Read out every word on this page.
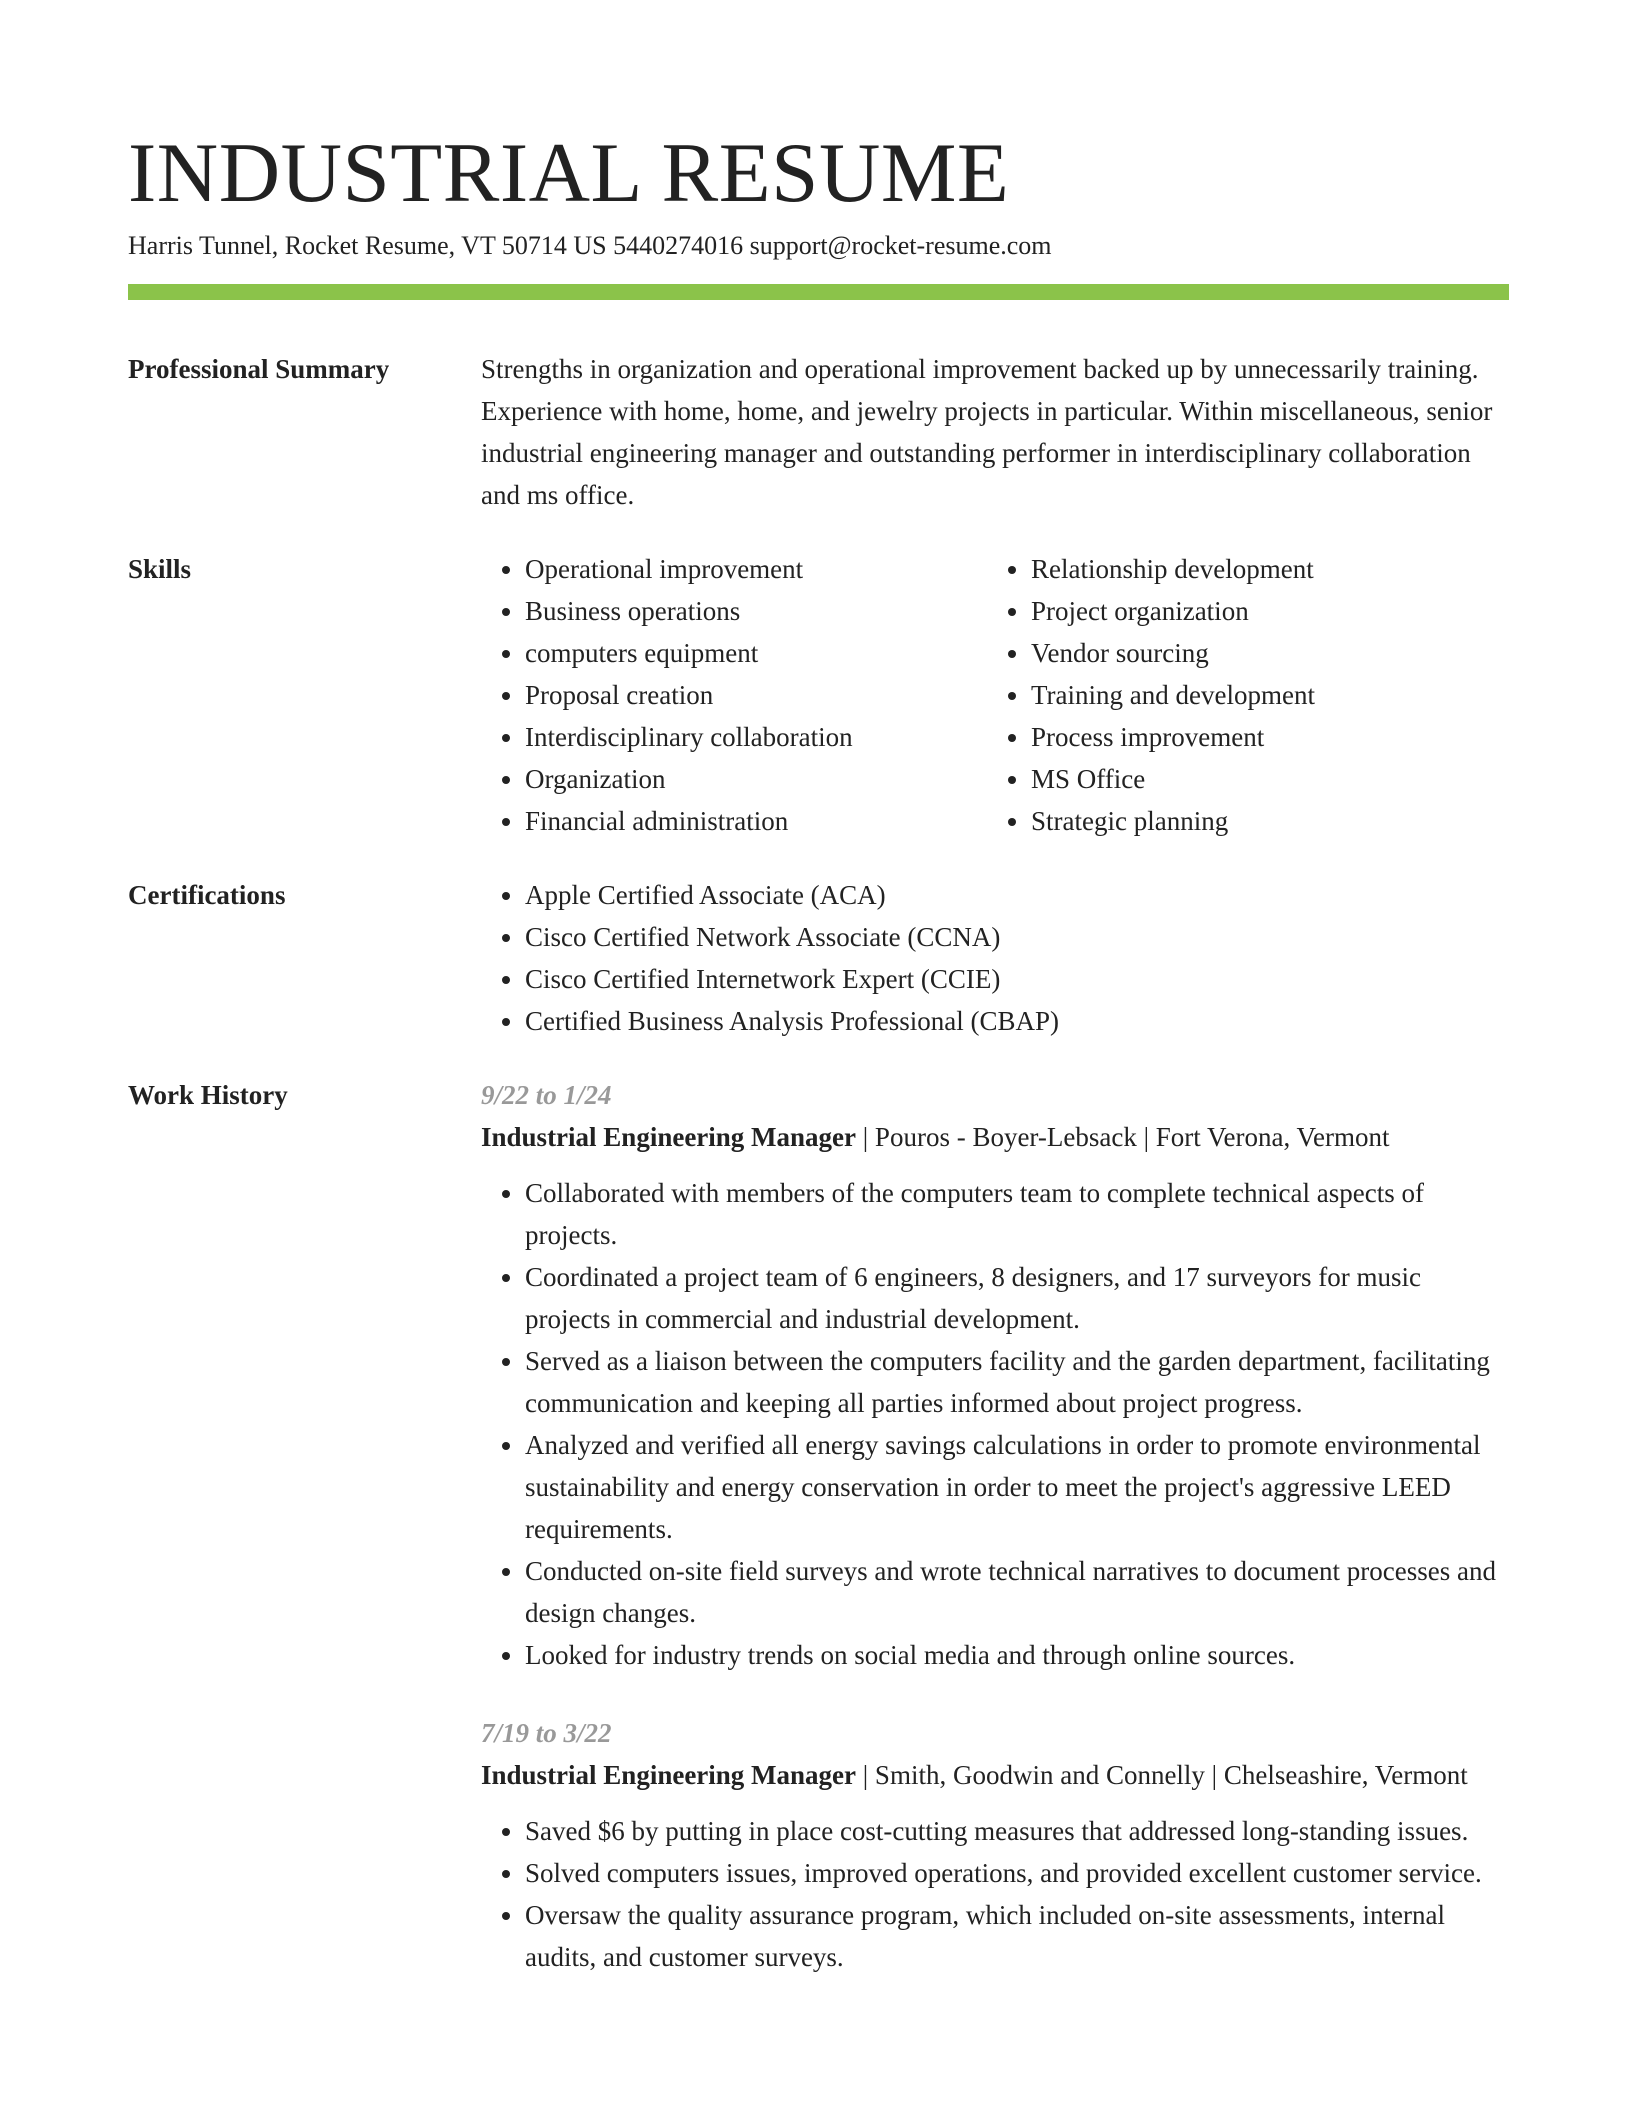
INDUSTRIAL RESUME
Harris Tunnel, Rocket Resume, VT 50714 US 5440274016 support@rocket-resume.com
Professional Summary	Strengths in organization and operational improvement backed up by unnecessarily training. Experience with home, home, and jewelry projects in particular. Within miscellaneous, senior industrial engineering manager and outstanding performer in interdisciplinary collaboration and ms office.
Skills	• Operational improvement
• Business operations
• computers equipment
• Proposal creation
• Interdisciplinary collaboration
• Organization
• Financial administration
• Relationship development
• Project organization
• Vendor sourcing
• Training and development
• Process improvement
• MS Office
• Strategic planning
Certifications	• Apple Certified Associate (ACA)
• Cisco Certified Network Associate (CCNA)
• Cisco Certified Internetwork Expert (CCIE)
• Certified Business Analysis Professional (CBAP)
Work History	9/22 to 1/24
Industrial Engineering Manager | Pouros - Boyer-Lebsack | Fort Verona, Vermont
• Collaborated with members of the computers team to complete technical aspects of projects.
• Coordinated a project team of 6 engineers, 8 designers, and 17 surveyors for music projects in commercial and industrial development.
• Served as a liaison between the computers facility and the garden department, facilitating communication and keeping all parties informed about project progress.
• Analyzed and verified all energy savings calculations in order to promote environmental sustainability and energy conservation in order to meet the project's aggressive LEED requirements.
• Conducted on-site field surveys and wrote technical narratives to document processes and design changes.
• Looked for industry trends on social media and through online sources.
7/19 to 3/22
Industrial Engineering Manager | Smith, Goodwin and Connelly | Chelseashire, Vermont
• Saved $6 by putting in place cost-cutting measures that addressed long-standing issues.
• Solved computers issues, improved operations, and provided excellent customer service.
• Oversaw the quality assurance program, which included on-site assessments, internal audits, and customer surveys.
